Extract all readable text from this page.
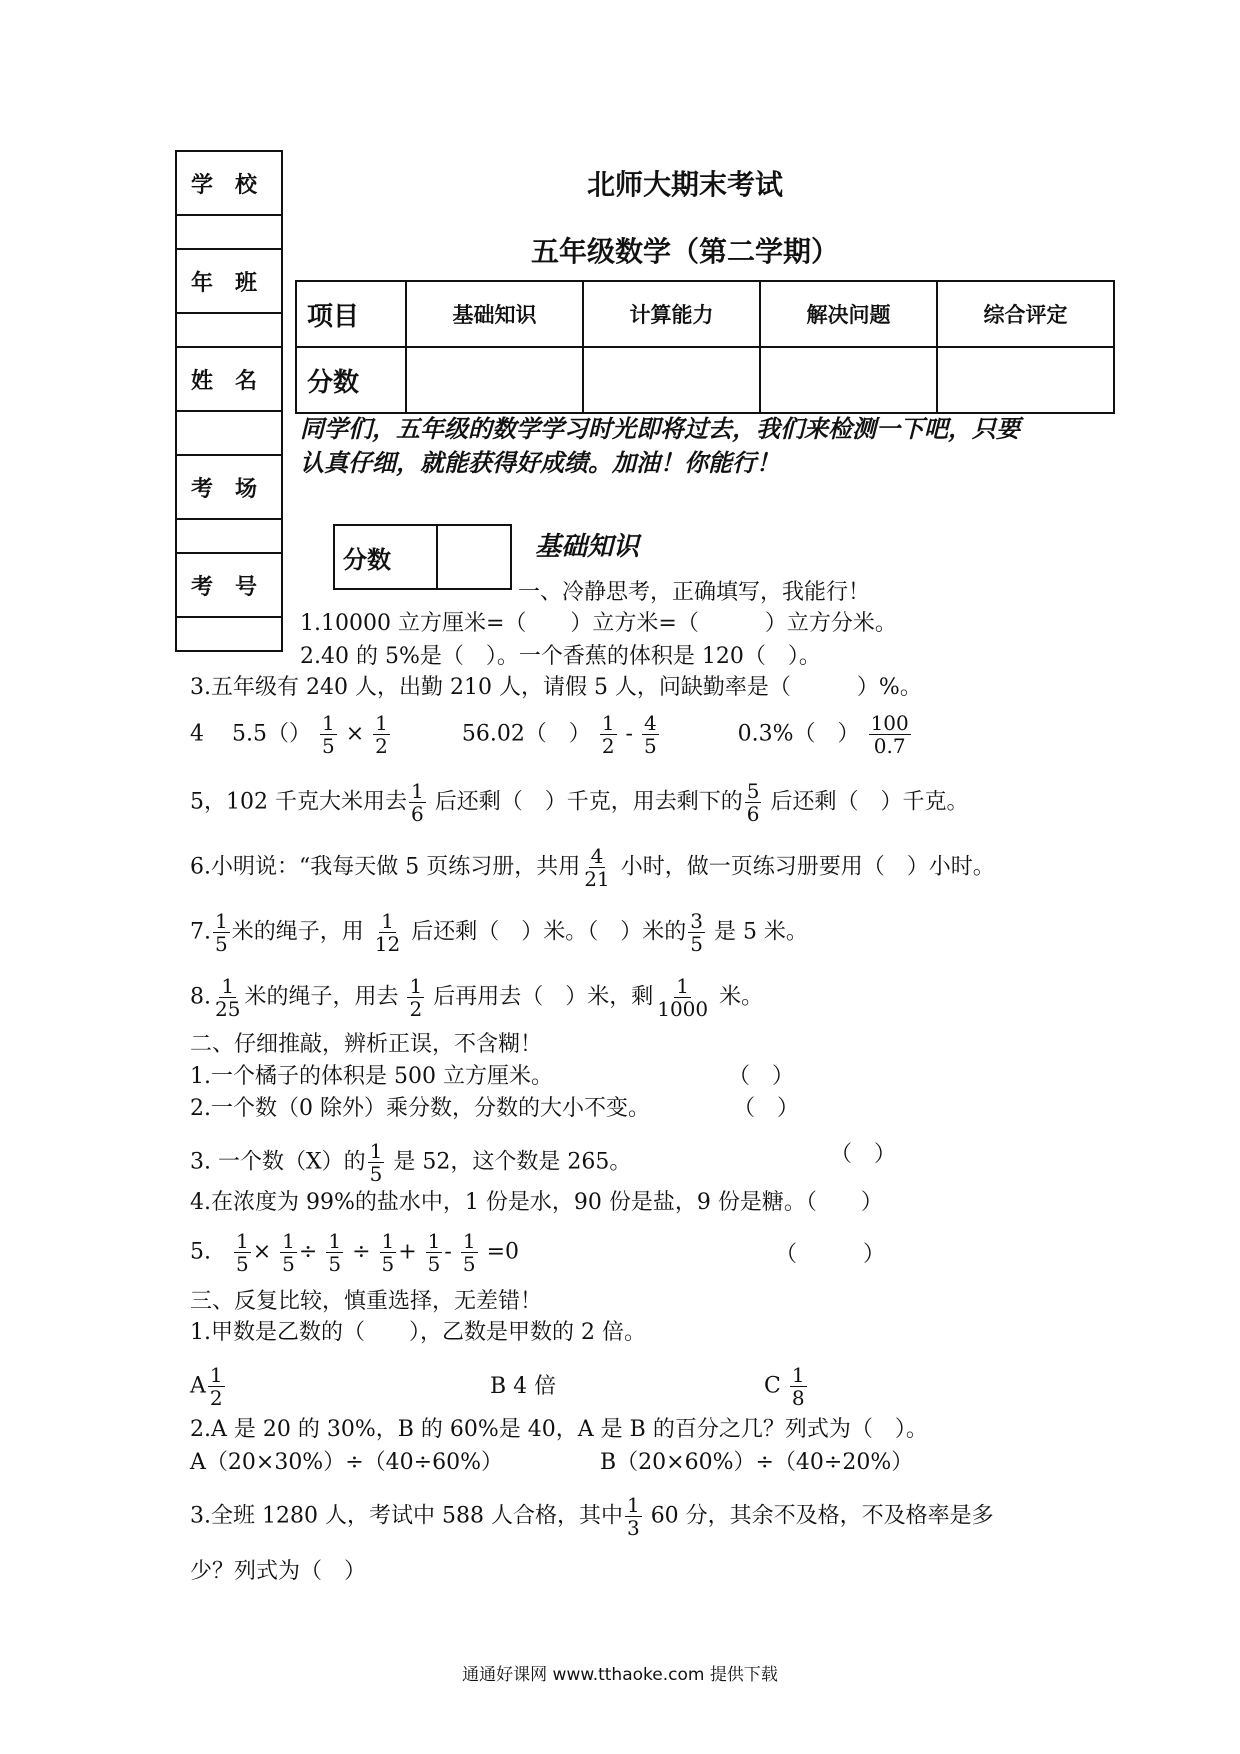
学　校
年　班
姓　名
考　场
考　号
北师大期末考试
五年级数学（第二学期）
项目	基础知识	计算能力	解决问题	综合评定
分数				
同学们，五年级的数学学习时光即将过去，我们来检测一下吧，只要
认真仔细，就能获得好成绩。加油！你能行！
分数		基础知识
一、冷静思考，正确填写，我能行！
1.10000 立方厘米=（　　）立方米=（　　　）立方分米。
2.40 的 5%是（　）。一个香蕉的体积是 120（　）。
3.五年级有 240 人，出勤 210 人，请假 5 人，问缺勤率是（　　　）%。
4 $5.5() \frac{1}{5} \times \frac{1}{2}$	56.02（　） $\frac{1}{2} - \frac{4}{5}$	0.3%（　） $\frac{100}{0.7}$
5，102 千克大米用去 $\frac{1}{6}$ 后还剩（　）千克，用去剩下的 $\frac{5}{6}$ 后还剩（　）千克。
6.小明说：“我每天做 5 页练习册，共用 $\frac{4}{21}$ 小时，做一页练习册要用（　）小时。
7. $\frac{1}{5}$ 米的绳子，用 $\frac{1}{12}$ 后还剩（　）米。（　）米的 $\frac{3}{5}$ 是 5 米。
8. $\frac{1}{25}$ 米的绳子，用去 $\frac{1}{2}$ 后再用去（　）米，剩 $\frac{1}{1000}$ 米。
二、仔细推敲，辨析正误，不含糊！
1.一个橘子的体积是 500 立方厘米。	（　）
2.一个数（0 除外）乘分数，分数的大小不变。	（　）
3. 一个数（X）的 $\frac{1}{5}$ 是 52，这个数是 265。	（　）
4.在浓度为 99%的盐水中，1 份是水，90 份是盐，9 份是糖。（　　）
5. $\frac{1}{5} \times \frac{1}{5} \div \frac{1}{5} \div \frac{1}{5} + \frac{1}{5} - \frac{1}{5} =0$	（　　　）
三、反复比较，慎重选择，无差错！
1.甲数是乙数的（　　），乙数是甲数的 2 倍。
A $\frac{1}{2}$	B 4 倍	C $\frac{1}{8}$
2.A 是 20 的 30%，B 的 60%是 40，A 是 B 的百分之几？列式为（　）。
A（20×30%）÷（40÷60%）	B（20×60%）÷（40÷20%）
3.全班 1280 人，考试中 588 人合格，其中 $\frac{1}{3} 60$ 分，其余不及格，不及格率是多
少？列式为（　）
通通好课网 www.tthaoke.com 提供下载
